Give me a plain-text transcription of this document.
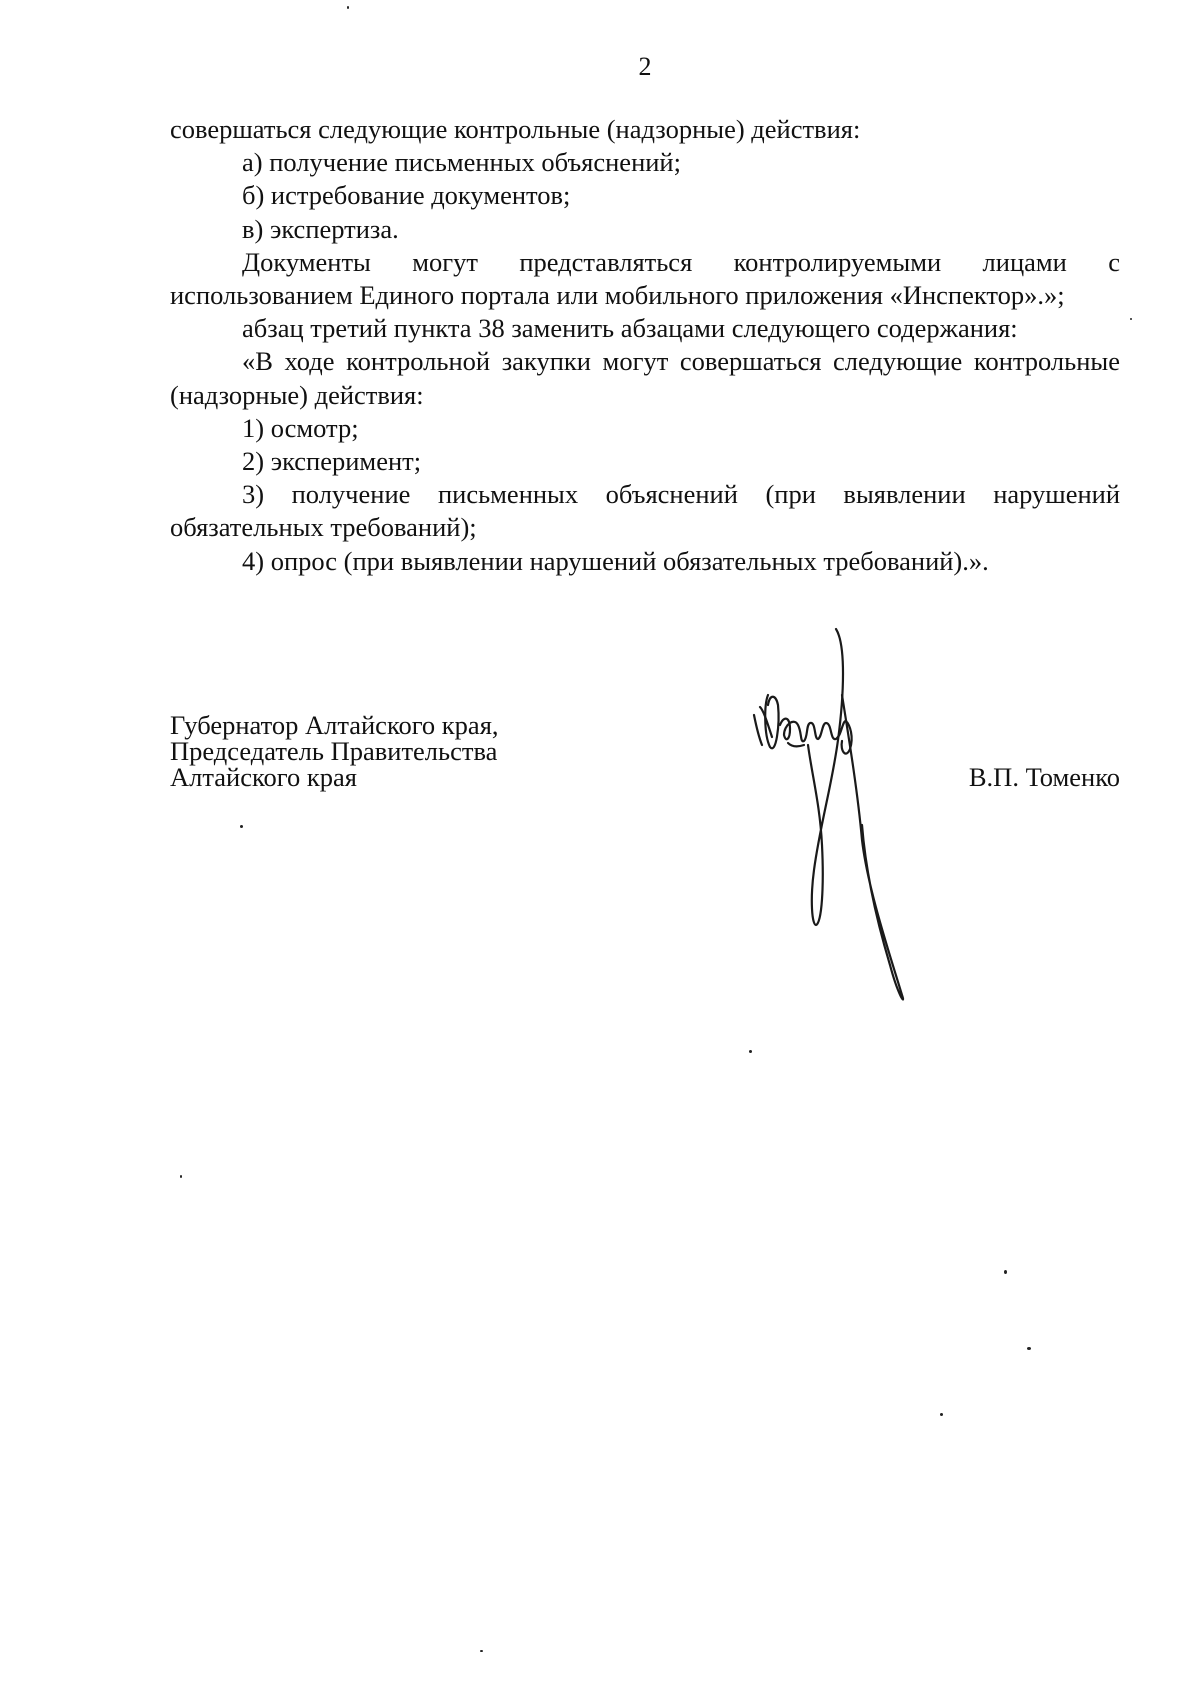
2

совершаться следующие контрольные (надзорные) действия:

а) получение письменных объяснений;

б) истребование документов;

в) экспертиза.

Документы могут представляться контролируемыми лицами с использованием Единого портала или мобильного приложения «Инспектор».»;

абзац третий пункта 38 заменить абзацами следующего содержания:

«В ходе контрольной закупки могут совершаться следующие контрольные (надзорные) действия:

1) осмотр;

2) эксперимент;

3) получение письменных объяснений (при выявлении нарушений обязательных требований);

4) опрос (при выявлении нарушений обязательных требований).».

Губернатор Алтайского края,
Председатель Правительства
Алтайского края	В.П. Томенко
